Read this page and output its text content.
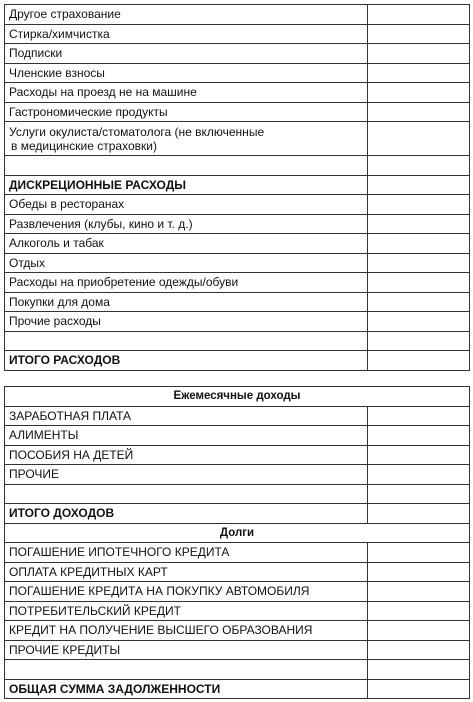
Другое страхование	
Стирка/химчистка	
Подписки	
Членские взносы	
Расходы на проезд не на машине	
Гастрономические продукты	
Услуги окулиста/стоматолога (не включенные
в медицинские страховки)	

ДИСКРЕЦИОННЫЕ РАСХОДЫ	
Обеды в ресторанах	
Развлечения (клубы, кино и т. д.)	
Алкоголь и табак	
Отдых	
Расходы на приобретение одежды/обуви	
Покупки для дома	
Прочие расходы	

ИТОГО РАСХОДОВ	
Ежемесячные доходы	
ЗАРАБОТНАЯ ПЛАТА	
АЛИМЕНТЫ	
ПОСОБИЯ НА ДЕТЕЙ	
ПРОЧИЕ	

ИТОГО ДОХОДОВ	
Долги	
ПОГАШЕНИЕ ИПОТЕЧНОГО КРЕДИТА	
ОПЛАТА КРЕДИТНЫХ КАРТ	
ПОГАШЕНИЕ КРЕДИТА НА ПОКУПКУ АВТОМОБИЛЯ	
ПОТРЕБИТЕЛЬСКИЙ КРЕДИТ	
КРЕДИТ НА ПОЛУЧЕНИЕ ВЫСШЕГО ОБРАЗОВАНИЯ	
ПРОЧИЕ КРЕДИТЫ	

ОБЩАЯ СУММА ЗАДОЛЖЕННОСТИ	
